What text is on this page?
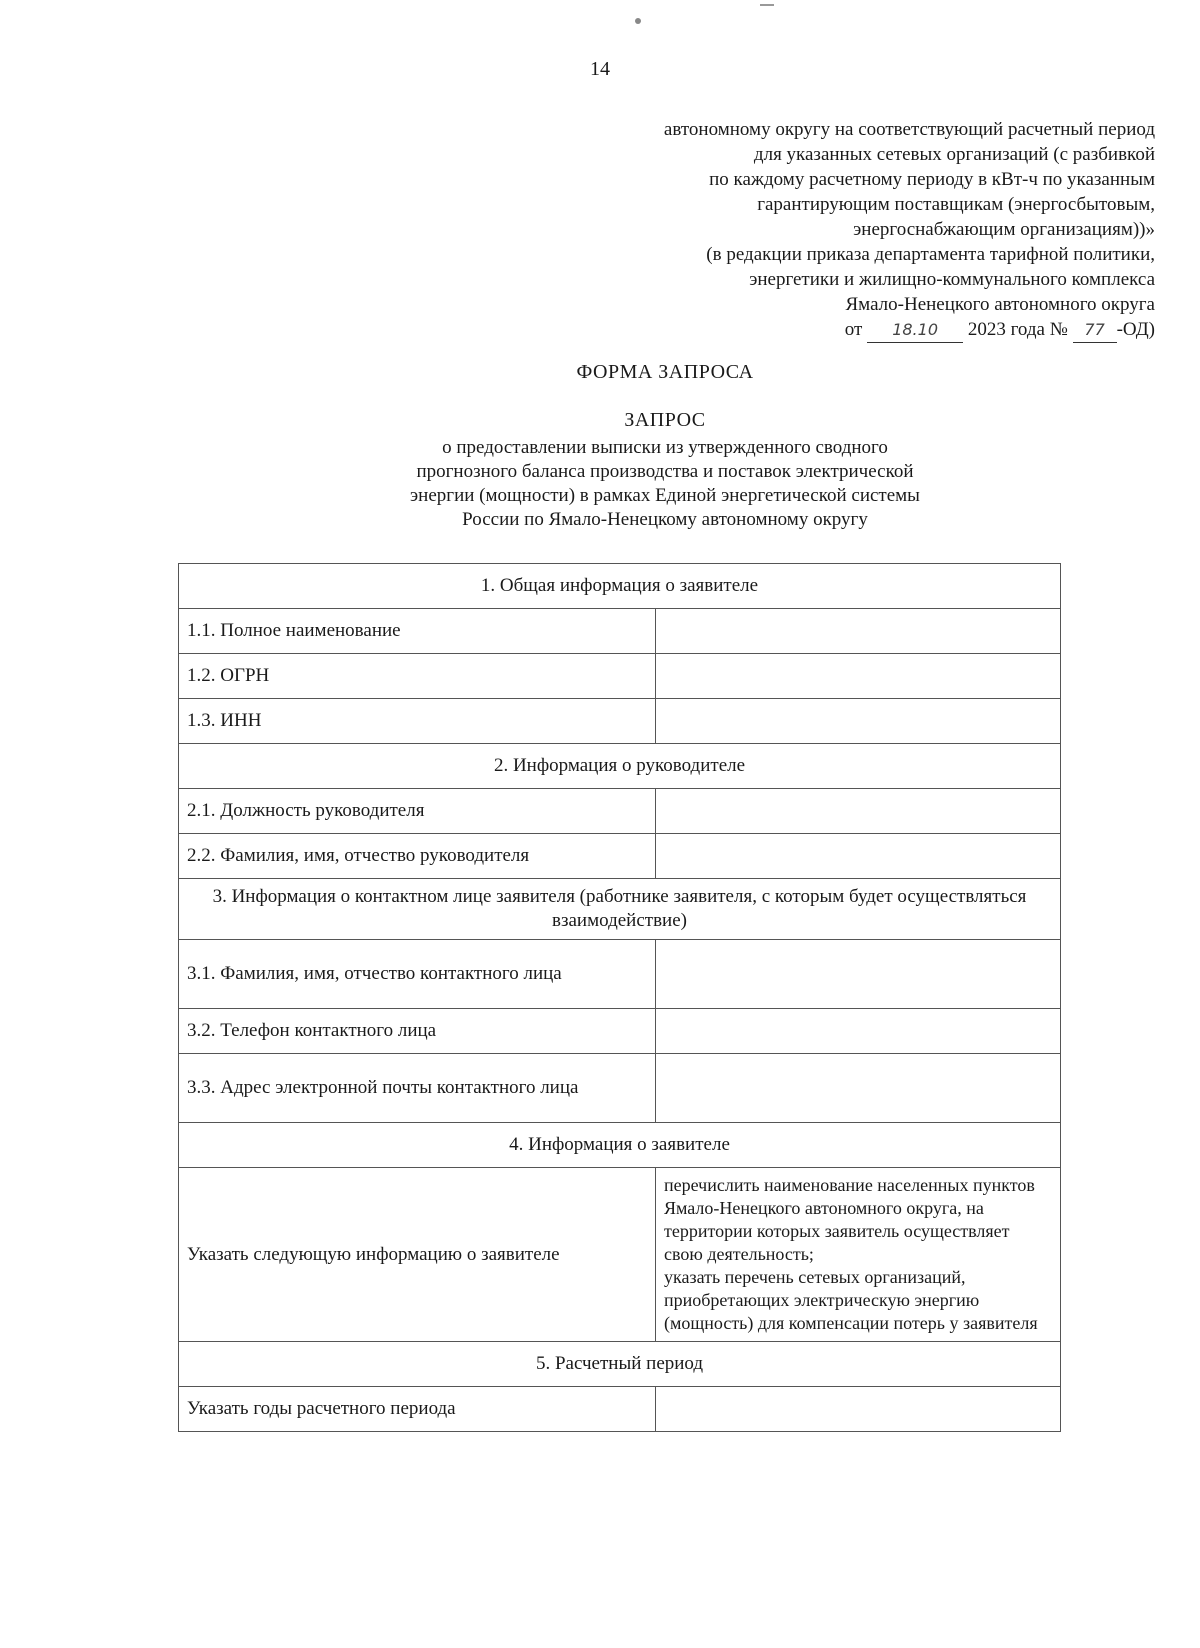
14
автономному округу на соответствующий расчетный период
для указанных сетевых организаций (с разбивкой
по каждому расчетному периоду в кВт-ч по указанным
гарантирующим поставщикам (энергосбытовым,
энергоснабжающим организациям))»
(в редакции приказа департамента тарифной политики,
энергетики и жилищно-коммунального комплекса
Ямало-Ненецкого автономного округа
от 18.10 2023 года № 77 -ОД)
ФОРМА ЗАПРОСА
ЗАПРОС
о предоставлении выписки из утвержденного сводного
прогнозного баланса производства и поставок электрической
энергии (мощности) в рамках Единой энергетической системы
России по Ямало-Ненецкому автономному округу
1. Общая информация о заявителе	
1.1. Полное наименование	
1.2. ОГРН	
1.3. ИНН	
2. Информация о руководителе	
2.1. Должность руководителя	
2.2. Фамилия, имя, отчество руководителя	
3. Информация о контактном лице заявителя (работнике заявителя, с которым будет осуществляться взаимодействие)	
3.1. Фамилия, имя, отчество контактного лица	
3.2. Телефон контактного лица	
3.3. Адрес электронной почты контактного лица	
4. Информация о заявителе	
Указать следующую информацию о заявителе	перечислить наименование населенных пунктов Ямало-Ненецкого автономного округа, на территории которых заявитель осуществляет свою деятельность;
указать перечень сетевых организаций, приобретающих электрическую энергию (мощность) для компенсации потерь у заявителя

5. Расчетный период	
Указать годы расчетного периода	
